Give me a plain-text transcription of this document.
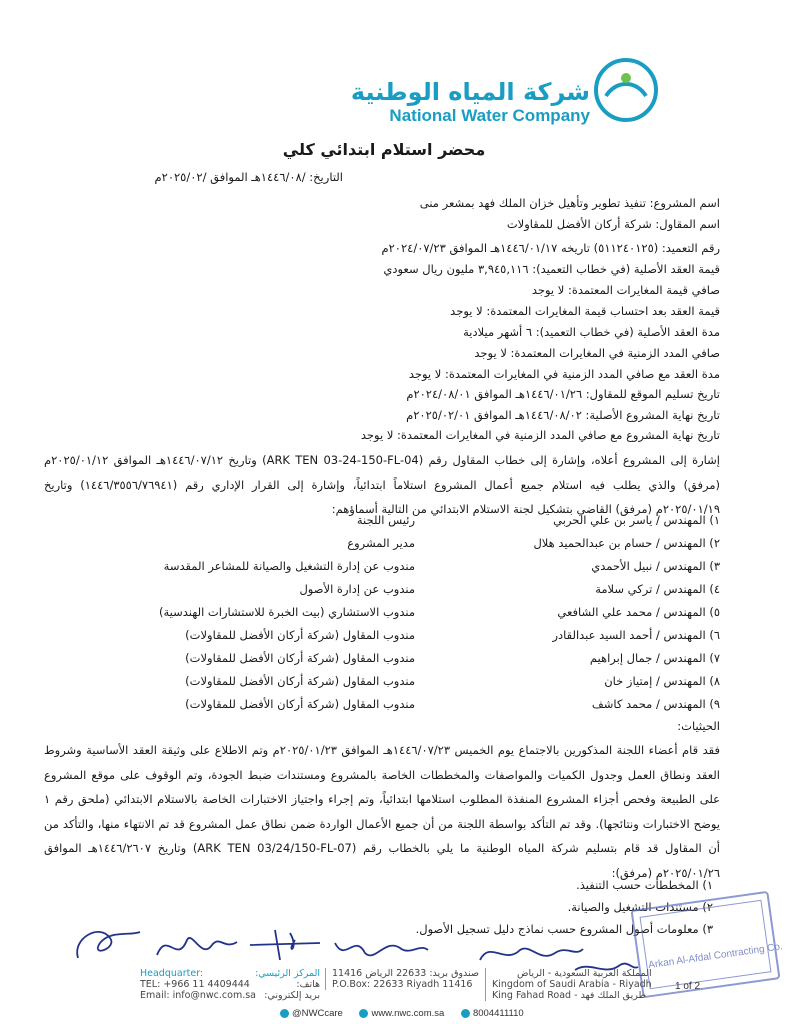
شركة المياه الوطنية
National Water Company
محضر استلام ابتدائي كلي
التاريخ: /١٤٤٦/٠٨هـ الموافق /٢٠٢٥/٠٢م
اسم المشروع: تنفيذ تطوير وتأهيل خزان الملك فهد بمشعر منى
اسم المقاول: شركة أركان الأفضل للمقاولات
رقم التعميد: (٥١١٢٤٠١٢٥) تاريخه ١٤٤٦/٠١/١٧هـ الموافق ٢٠٢٤/٠٧/٢٣م
قيمة العقد الأصلية (في خطاب التعميد): ٣,٩٤٥,١١٦ مليون ريال سعودي
صافي قيمة المغايرات المعتمدة: لا يوجد
قيمة العقد بعد احتساب قيمة المغايرات المعتمدة: لا يوجد
مدة العقد الأصلية (في خطاب التعميد): ٦ أشهر ميلادية
صافي المدد الزمنية في المغايرات المعتمدة: لا يوجد
مدة العقد مع صافي المدد الزمنية في المغايرات المعتمدة: لا يوجد
تاريخ تسليم الموقع للمقاول: ١٤٤٦/٠١/٢٦هـ الموافق ٢٠٢٤/٠٨/٠١م
تاريخ نهاية المشروع الأصلية: ١٤٤٦/٠٨/٠٢هـ الموافق ٢٠٢٥/٠٢/٠١م
تاريخ نهاية المشروع مع صافي المدد الزمنية في المغايرات المعتمدة: لا يوجد
إشارة إلى المشروع أعلاه، وإشارة إلى خطاب المقاول رقم (ARK TEN 03-24-150-FL-04) وتاريخ ١٤٤٦/٠٧/١٢هـ الموافق ٢٠٢٥/٠١/١٢م (مرفق) والذي يطلب فيه استلام جميع أعمال المشروع استلاماً ابتدائياً، وإشارة إلى القرار الإداري رقم (١٤٤٦/٣٥٥٦/٧٦٩٤١) وتاريخ ٢٠٢٥/٠١/١٩م (مرفق) القاضي بتشكيل لجنة الاستلام الابتدائي من التالية أسماؤهم:
١) المهندس / ياسر بن علي الحربي
رئيس اللجنة
٢) المهندس / حسام بن عبدالحميد هلال
مدير المشروع
٣) المهندس / نبيل الأحمدي
مندوب عن إدارة التشغيل والصيانة للمشاعر المقدسة
٤) المهندس / تركي سلامة
مندوب عن إدارة الأصول
٥) المهندس / محمد علي الشافعي
مندوب الاستشاري (بيت الخبرة للاستشارات الهندسية)
٦) المهندس / أحمد السيد عبدالقادر
مندوب المقاول (شركة أركان الأفضل للمقاولات)
٧) المهندس / جمال إبراهيم
مندوب المقاول (شركة أركان الأفضل للمقاولات)
٨) المهندس / إمتياز خان
مندوب المقاول (شركة أركان الأفضل للمقاولات)
٩) المهندس / محمد كاشف
مندوب المقاول (شركة أركان الأفضل للمقاولات)
الحيثيات:
فقد قام أعضاء اللجنة المذكورين بالاجتماع يوم الخميس ١٤٤٦/٠٧/٢٣هـ الموافق ٢٠٢٥/٠١/٢٣م وتم الاطلاع على وثيقة العقد الأساسية وشروط العقد ونطاق العمل وجدول الكميات والمواصفات والمخططات الخاصة بالمشروع ومستندات ضبط الجودة، وتم الوقوف على موقع المشروع على الطبيعة وفحص أجزاء المشروع المنفذة المطلوب استلامها ابتدائياً، وتم إجراء واجتياز الاختبارات الخاصة بالاستلام الابتدائي (ملحق رقم ١ يوضح الاختبارات ونتائجها). وقد تم التأكد بواسطة اللجنة من أن جميع الأعمال الواردة ضمن نطاق عمل المشروع قد تم الانتهاء منها، والتأكد من أن المقاول قد قام بتسليم شركة المياه الوطنية ما يلي بالخطاب رقم (ARK TEN 03/24/150-FL-07) وتاريخ ١٤٤٦/٢٦٠٧هـ الموافق ٢٠٢٥/٠١/٢٦م (مرفق):
١) المخططات حسب التنفيذ.
٢) مستندات التشغيل والصيانة.
٣) معلومات أصول المشروع حسب نماذج دليل تسجيل الأصول.
Arkan Al-Afdal Contracting Co.
Headquarter:
TEL: +966 11 4409444
Email: info@nwc.com.sa
المركز الرئيسي:
هاتف:
بريد إلكتروني:
صندوق بريد: 22633 الرياض 11416
P.O.Box: 22633 Riyadh 11416
المملكة العربية السعودية - الرياض
Kingdom of Saudi Arabia - Riyadh
King Fahad Road - طريق الملك فهد
1 of 2
@NWCcare	www.nwc.com.sa	8004411110
